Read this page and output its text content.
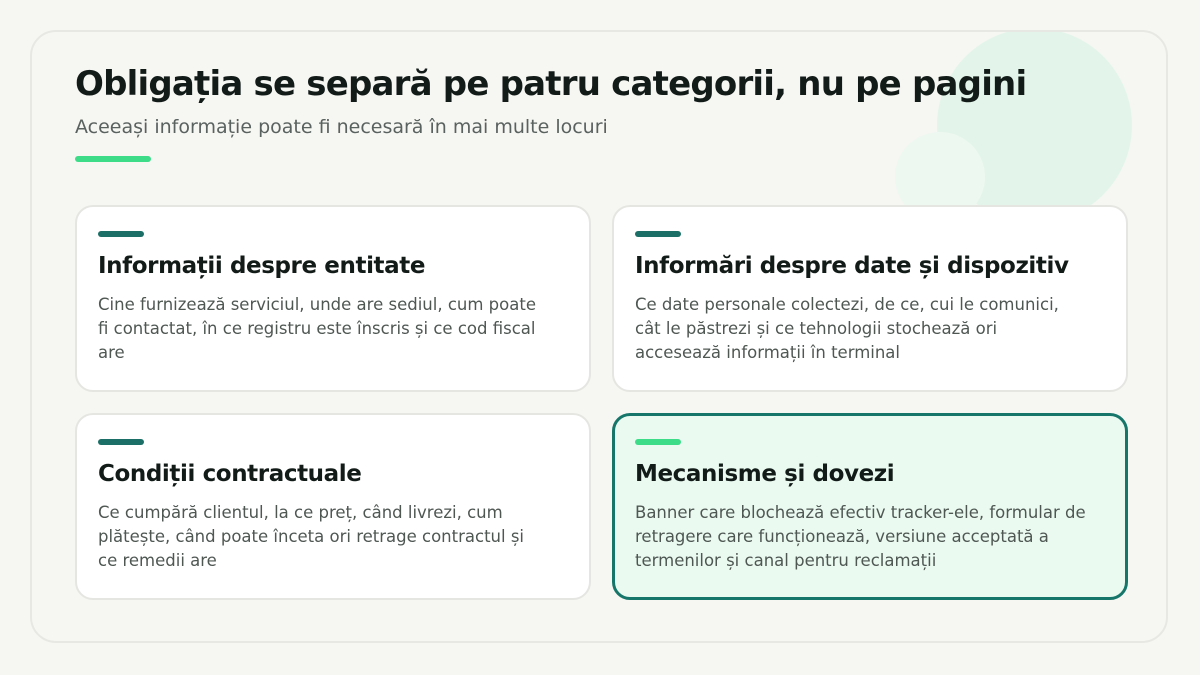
Obligația se separă pe patru categorii, nu pe pagini

Aceeași informație poate fi necesară în mai multe locuri

Informații despre entitate

Cine furnizează serviciul, unde are sediul, cum poate fi contactat, în ce registru este înscris și ce cod fiscal are

Informări despre date și dispozitiv

Ce date personale colectezi, de ce, cui le comunici, cât le păstrezi și ce tehnologii stochează ori accesează informații în terminal

Condiții contractuale

Ce cumpără clientul, la ce preț, când livrezi, cum plătește, când poate înceta ori retrage contractul și ce remedii are

Mecanisme și dovezi

Banner care blochează efectiv tracker-ele, formular de retragere care funcționează, versiune acceptată a termenilor și canal pentru reclamații
